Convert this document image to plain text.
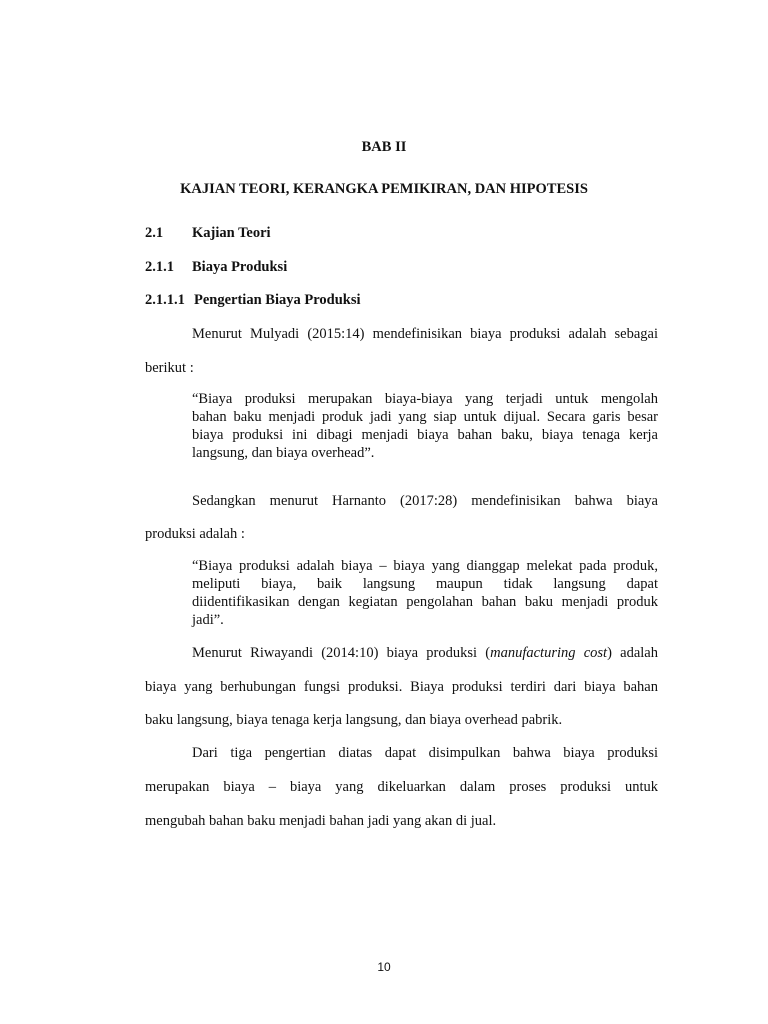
BAB II

KAJIAN TEORI, KERANGKA PEMIKIRAN, DAN HIPOTESIS

2.1 Kajian Teori

2.1.1 Biaya Produksi

2.1.1.1 Pengertian Biaya Produksi

Menurut Mulyadi (2015:14) mendefinisikan biaya produksi adalah sebagai

berikut :

“Biaya produksi merupakan biaya-biaya yang terjadi untuk mengolah
bahan baku menjadi produk jadi yang siap untuk dijual. Secara garis besar
biaya produksi ini dibagi menjadi biaya bahan baku, biaya tenaga kerja
langsung, dan biaya overhead”.

Sedangkan menurut Harnanto (2017:28) mendefinisikan bahwa biaya

produksi adalah :

“Biaya produksi adalah biaya – biaya yang dianggap melekat pada produk,
meliputi biaya, baik langsung maupun tidak langsung dapat
diidentifikasikan dengan kegiatan pengolahan bahan baku menjadi produk
jadi”.

Menurut Riwayandi (2014:10) biaya produksi (manufacturing cost) adalah

biaya yang berhubungan fungsi produksi. Biaya produksi terdiri dari biaya bahan

baku langsung, biaya tenaga kerja langsung, dan biaya overhead pabrik.

Dari tiga pengertian diatas dapat disimpulkan bahwa biaya produksi

merupakan biaya – biaya yang dikeluarkan dalam proses produksi untuk

mengubah bahan baku menjadi bahan jadi yang akan di jual.

10
